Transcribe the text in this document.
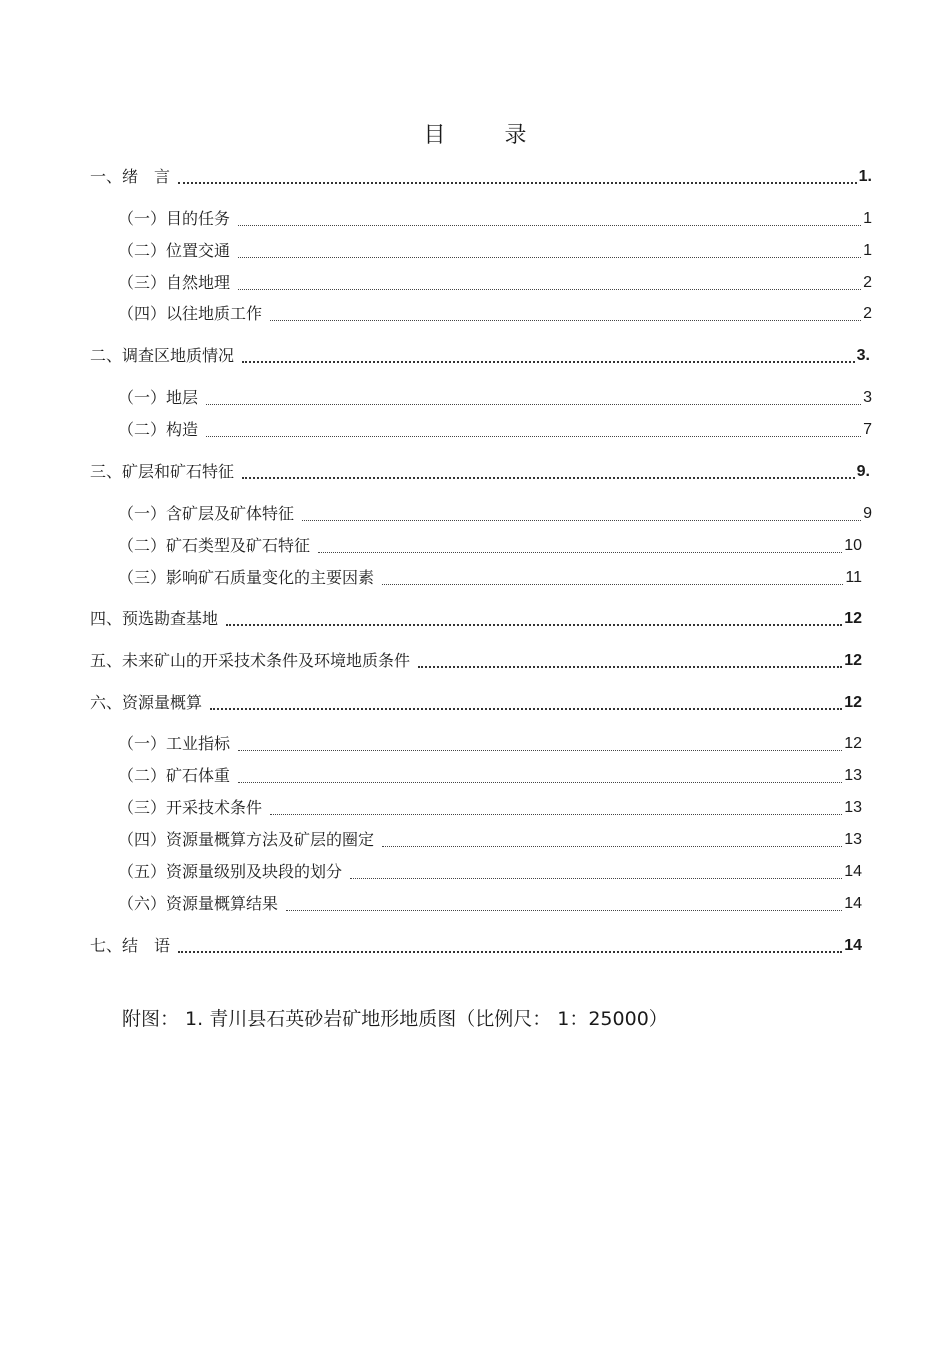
目 录
一、绪　言	1.
（一）目的任务	1
（二）位置交通	1
（三）自然地理	2
（四）以往地质工作	2
二、调查区地质情况	3.
（一）地层	3
（二）构造	7
三、矿层和矿石特征	9.
（一）含矿层及矿体特征	9
（二）矿石类型及矿石特征	10
（三）影响矿石质量变化的主要因素	11
四、预选勘查基地	12
五、未来矿山的开采技术条件及环境地质条件	12
六、资源量概算	12
（一）工业指标	12
（二）矿石体重	13
（三）开采技术条件	13
（四）资源量概算方法及矿层的圈定	13
（五）资源量级别及块段的划分	14
（六）资源量概算结果	14
七、结　语	14
附图： 1. 青川县石英砂岩矿地形地质图（比例尺： 1：25000）
